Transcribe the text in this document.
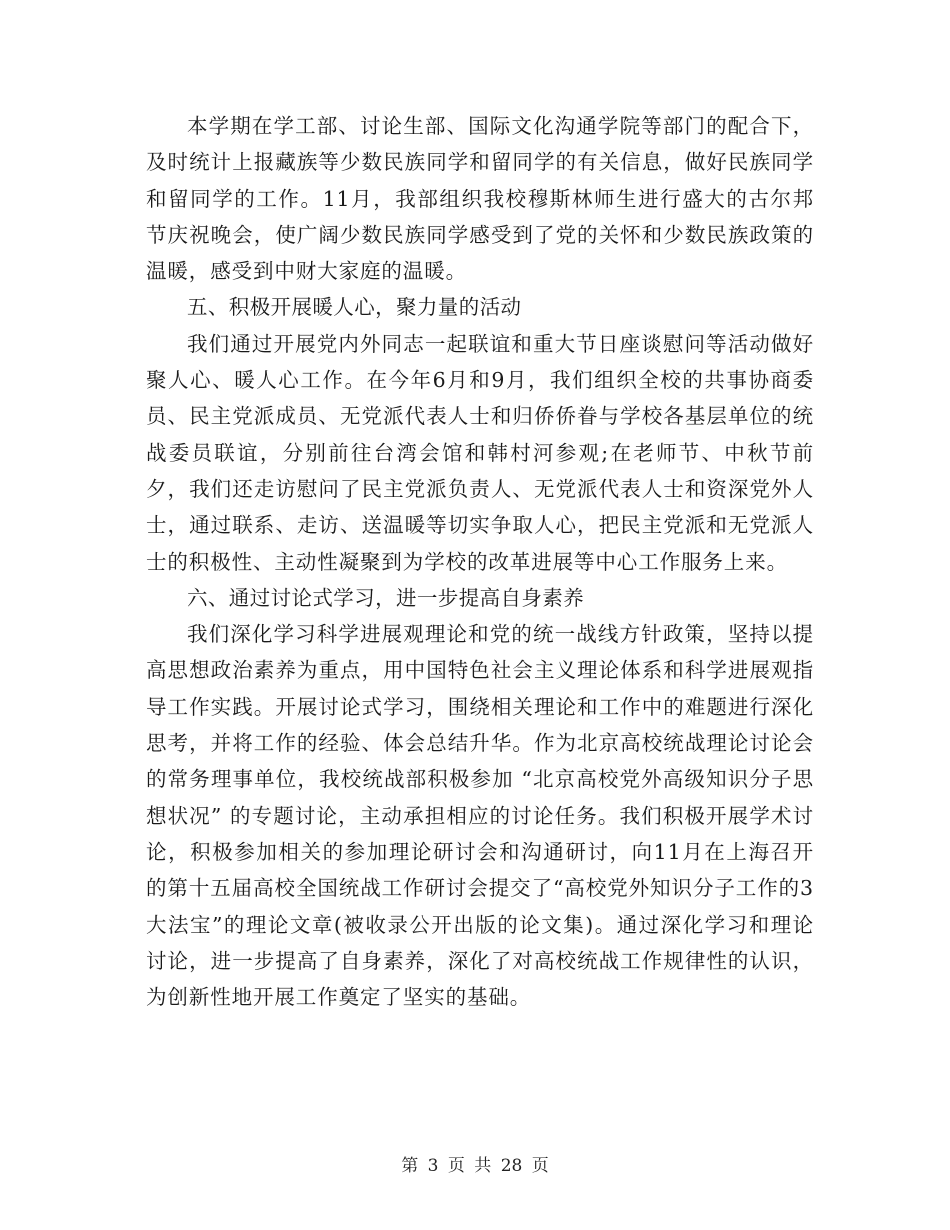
本学期在学工部、讨论生部、国际文化沟通学院等部门的配合下，及时统计上报藏族等少数民族同学和留同学的有关信息，做好民族同学和留同学的工作。11月，我部组织我校穆斯林师生进行盛大的古尔邦节庆祝晚会，使广阔少数民族同学感受到了党的关怀和少数民族政策的温暖，感受到中财大家庭的温暖。

五、积极开展暖人心，聚力量的活动

我们通过开展党内外同志一起联谊和重大节日座谈慰问等活动做好聚人心、暖人心工作。在今年6月和9月，我们组织全校的共事协商委员、民主党派成员、无党派代表人士和归侨侨眷与学校各基层单位的统战委员联谊，分别前往台湾会馆和韩村河参观;在老师节、中秋节前夕，我们还走访慰问了民主党派负责人、无党派代表人士和资深党外人士，通过联系、走访、送温暖等切实争取人心，把民主党派和无党派人士的积极性、主动性凝聚到为学校的改革进展等中心工作服务上来。

六、通过讨论式学习，进一步提高自身素养

我们深化学习科学进展观理论和党的统一战线方针政策，坚持以提高思想政治素养为重点，用中国特色社会主义理论体系和科学进展观指导工作实践。开展讨论式学习，围绕相关理论和工作中的难题进行深化思考，并将工作的经验、体会总结升华。作为北京高校统战理论讨论会的常务理事单位，我校统战部积极参加 “北京高校党外高级知识分子思想状况” 的专题讨论，主动承担相应的讨论任务。我们积极开展学术讨论，积极参加相关的参加理论研讨会和沟通研讨，向11月在上海召开的第十五届高校全国统战工作研讨会提交了“高校党外知识分子工作的3大法宝”的理论文章(被收录公开出版的论文集)。通过深化学习和理论讨论，进一步提高了自身素养，深化了对高校统战工作规律性的认识，为创新性地开展工作奠定了坚实的基础。

第 3 页 共 28 页
